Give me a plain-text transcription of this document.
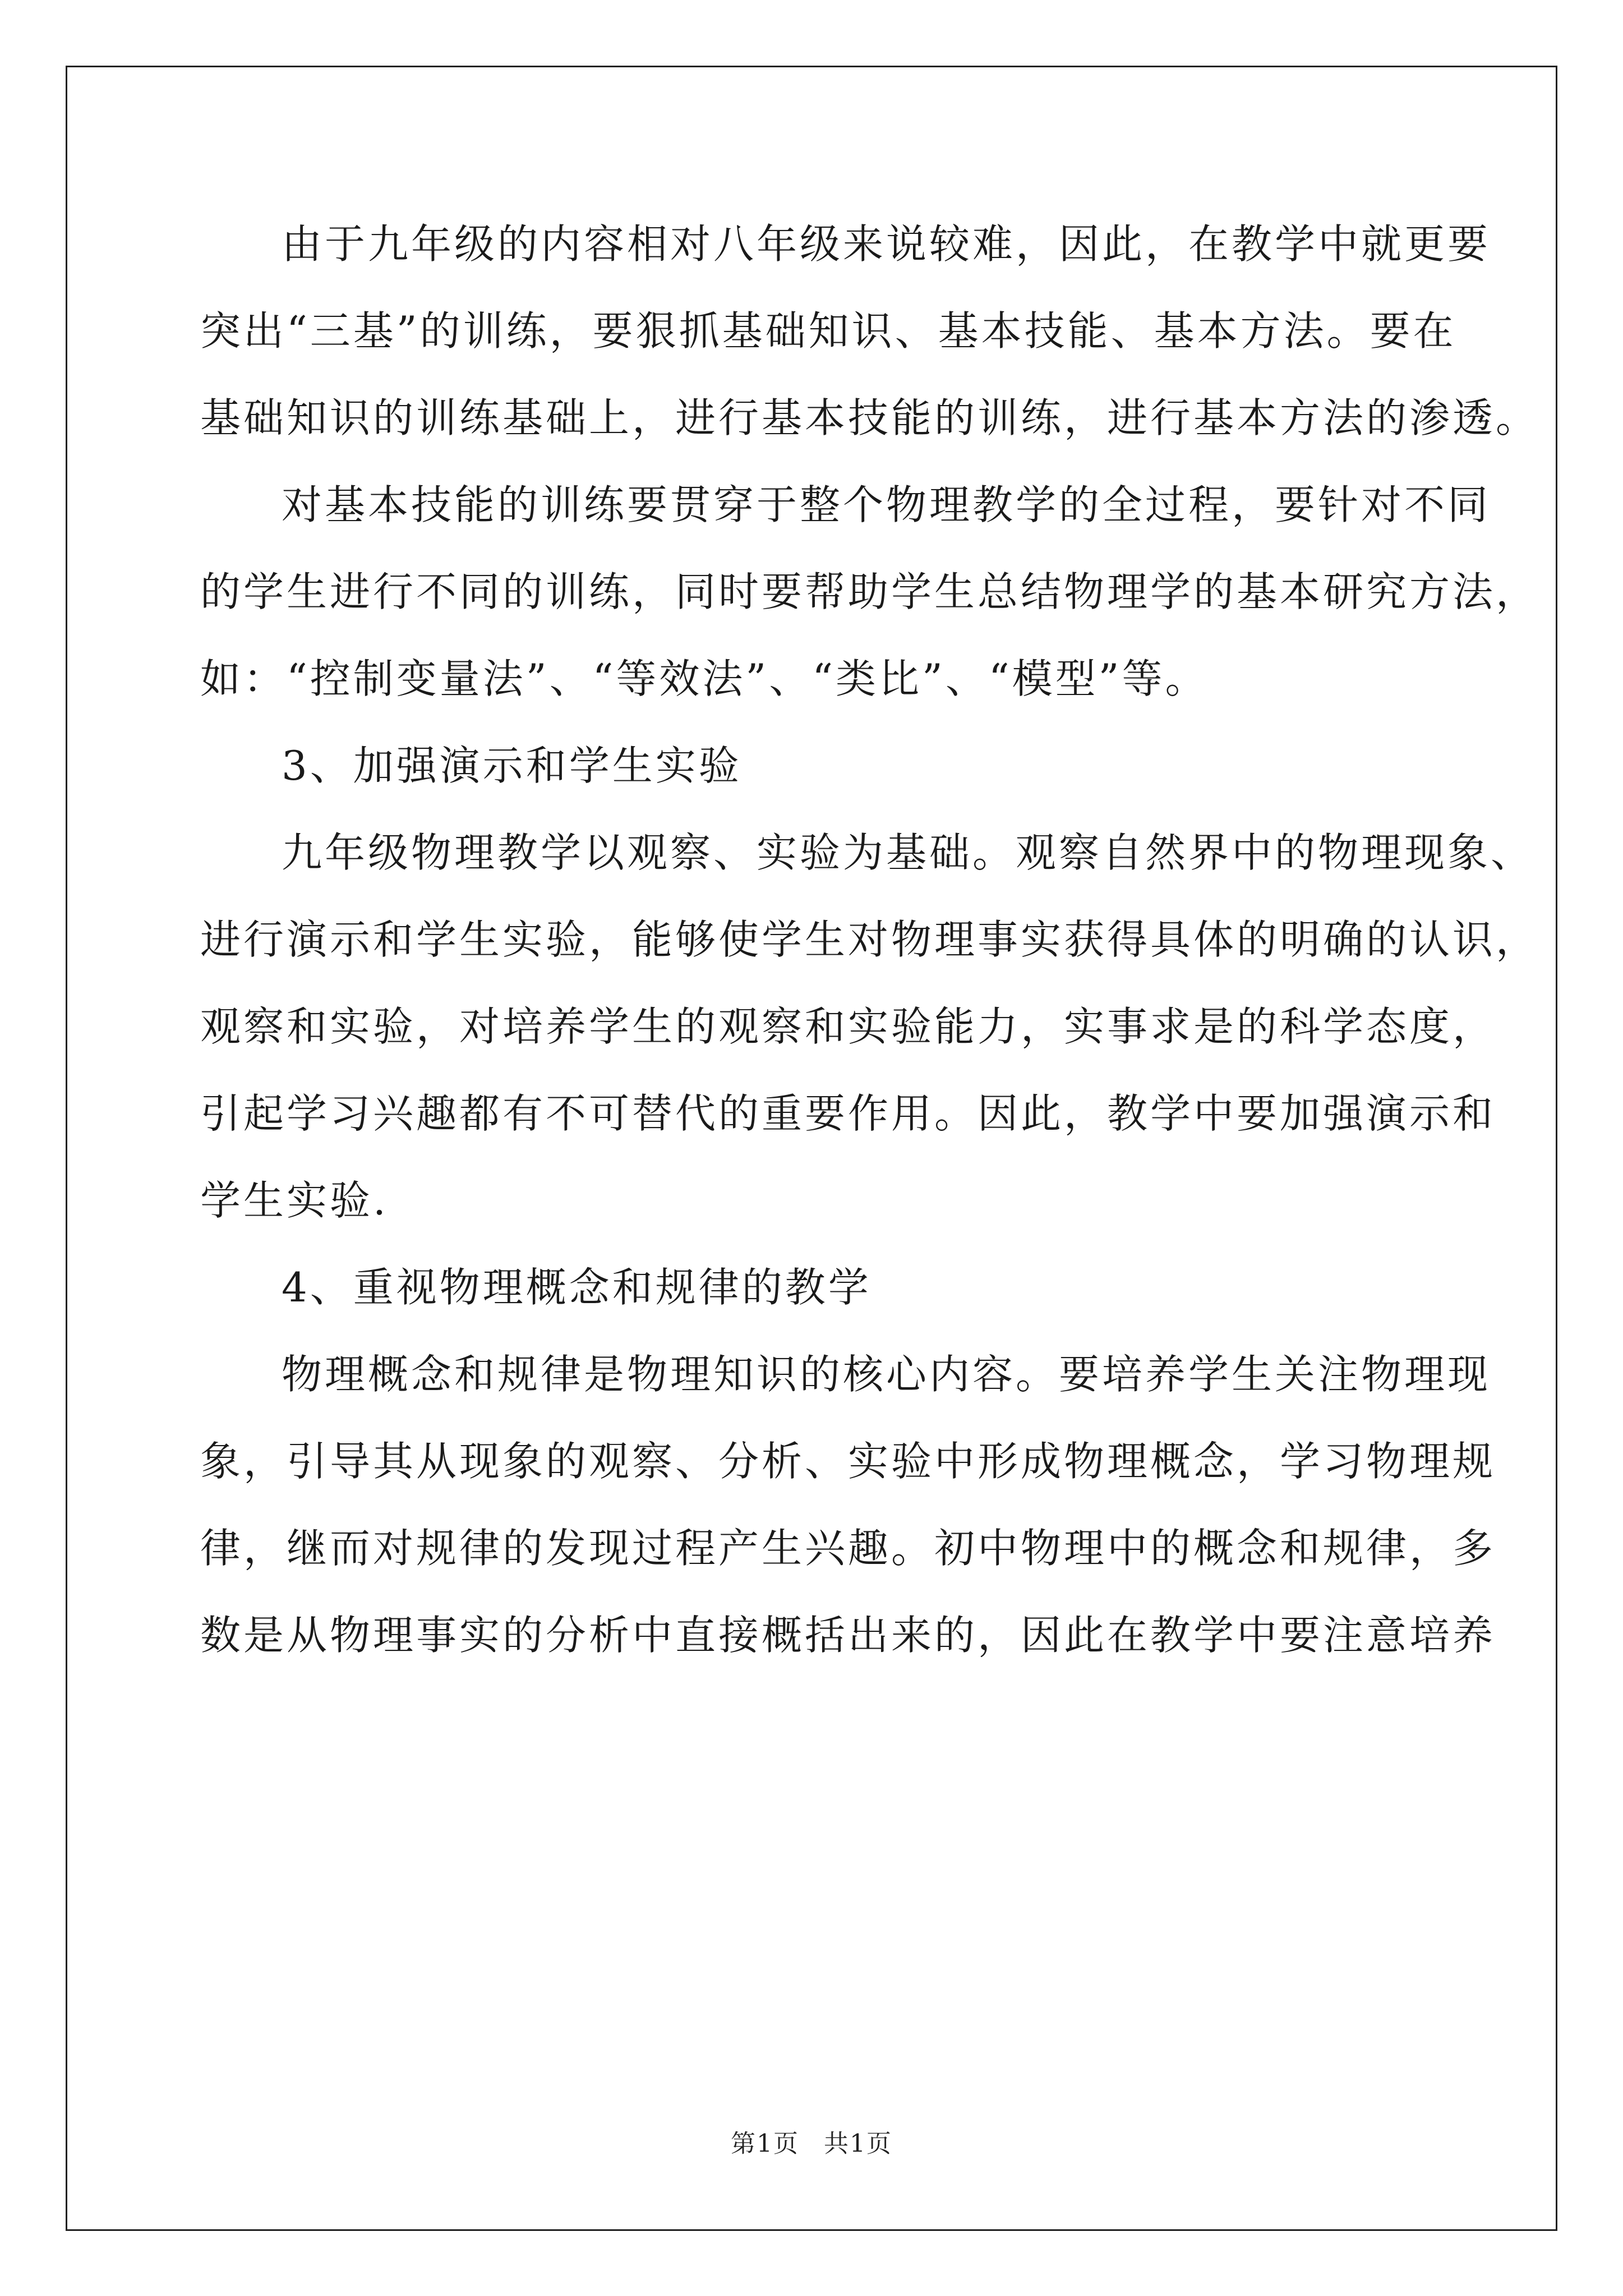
由于九年级的内容相对八年级来说较难，因此，在教学中就更要
突出“三基”的训练，要狠抓基础知识、基本技能、基本方法。要在
基础知识的训练基础上，进行基本技能的训练，进行基本方法的渗透。
对基本技能的训练要贯穿于整个物理教学的全过程，要针对不同
的学生进行不同的训练，同时要帮助学生总结物理学的基本研究方法，
如：“控制变量法”、“等效法”、“类比”、“模型”等。
3、加强演示和学生实验
九年级物理教学以观察、实验为基础。观察自然界中的物理现象、
进行演示和学生实验，能够使学生对物理事实获得具体的明确的认识，
观察和实验，对培养学生的观察和实验能力，实事求是的科学态度，
引起学习兴趣都有不可替代的重要作用。因此，教学中要加强演示和
学生实验.
4、重视物理概念和规律的教学
物理概念和规律是物理知识的核心内容。要培养学生关注物理现
象，引导其从现象的观察、分析、实验中形成物理概念，学习物理规
律，继而对规律的发现过程产生兴趣。初中物理中的概念和规律，多
数是从物理事实的分析中直接概括出来的，因此在教学中要注意培养
第1页 共1页
